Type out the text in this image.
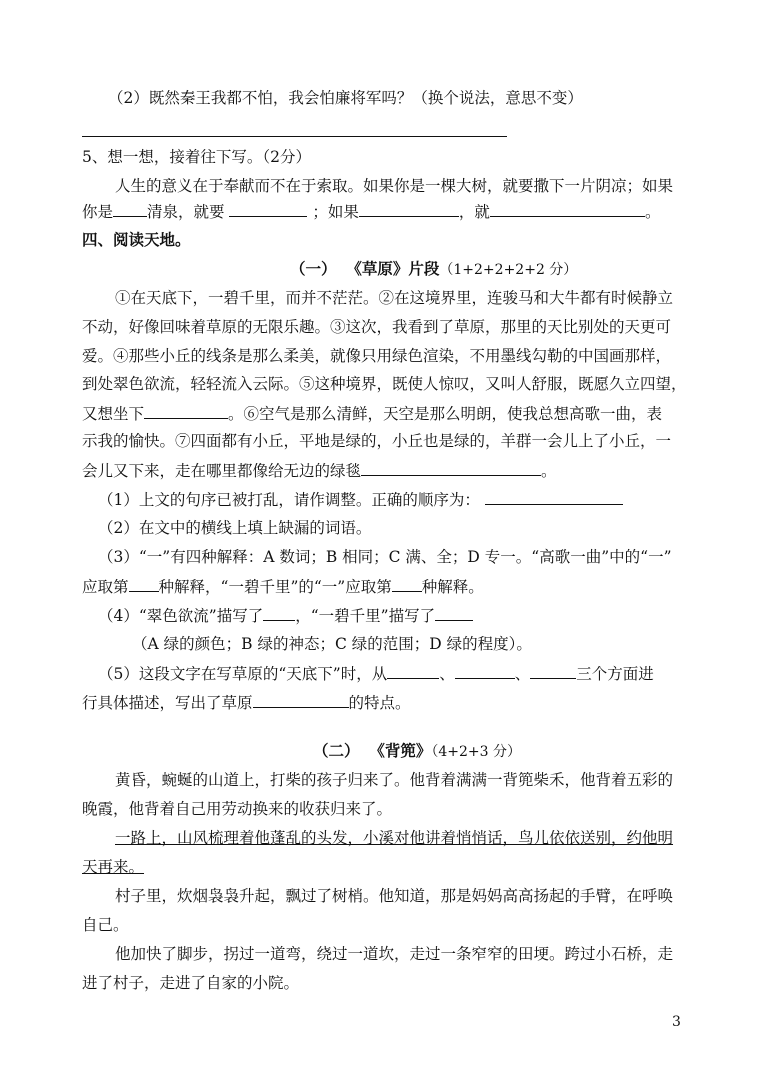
（2）既然秦王我都不怕，我会怕廉将军吗？（换个说法，意思不变）
5、想一想，接着往下写。（2分）
人生的意义在于奉献而不在于索取。如果你是一棵大树，就要撒下一片阴凉；如果
你是 清泉，就要	；如果	，就	。
四、阅读天地。
（一） 《草原》片段（1+2+2+2+2 分）
①在天底下，一碧千里，而并不茫茫。②在这境界里，连骏马和大牛都有时候静立
不动，好像回味着草原的无限乐趣。③这次，我看到了草原，那里的天比别处的天更可
爱。④那些小丘的线条是那么柔美，就像只用绿色渲染，不用墨线勾勒的中国画那样，
到处翠色欲流，轻轻流入云际。⑤这种境界，既使人惊叹，又叫人舒服，既愿久立四望，
又想坐下	。⑥空气是那么清鲜，天空是那么明朗，使我总想高歌一曲，表
示我的愉快。⑦四面都有小丘，平地是绿的，小丘也是绿的，羊群一会儿上了小丘，一
会儿又下来，走在哪里都像给无边的绿毯	。
（1）上文的句序已被打乱，请作调整。正确的顺序为：
（2）在文中的横线上填上缺漏的词语。
（3）“一”有四种解释：A 数词；B 相同；C 满、全；D 专一。“高歌一曲”中的“一”
应取第 种解释，“一碧千里”的“一”应取第 种解释。
（4）“翠色欲流”描写了 ，“一碧千里”描写了
（A 绿的颜色；B 绿的神态；C 绿的范围；D 绿的程度）。
（5）这段文字在写草原的“天底下”时，从	、	、	三个方面进
行具体描述，写出了草原	的特点。
（二） 《背篼》（4+2+3 分）
黄昏，蜿蜒的山道上，打柴的孩子归来了。他背着满满一背篼柴禾，他背着五彩的
晚霞，他背着自己用劳动换来的收获归来了。
一路上，山风梳理着他蓬乱的头发，小溪对他讲着悄悄话，鸟儿依依送别，约他明
天再来。
村子里，炊烟袅袅升起，飘过了树梢。他知道，那是妈妈高高扬起的手臂，在呼唤
自己。
他加快了脚步，拐过一道弯，绕过一道坎，走过一条窄窄的田埂。跨过小石桥，走
进了村子，走进了自家的小院。
3
